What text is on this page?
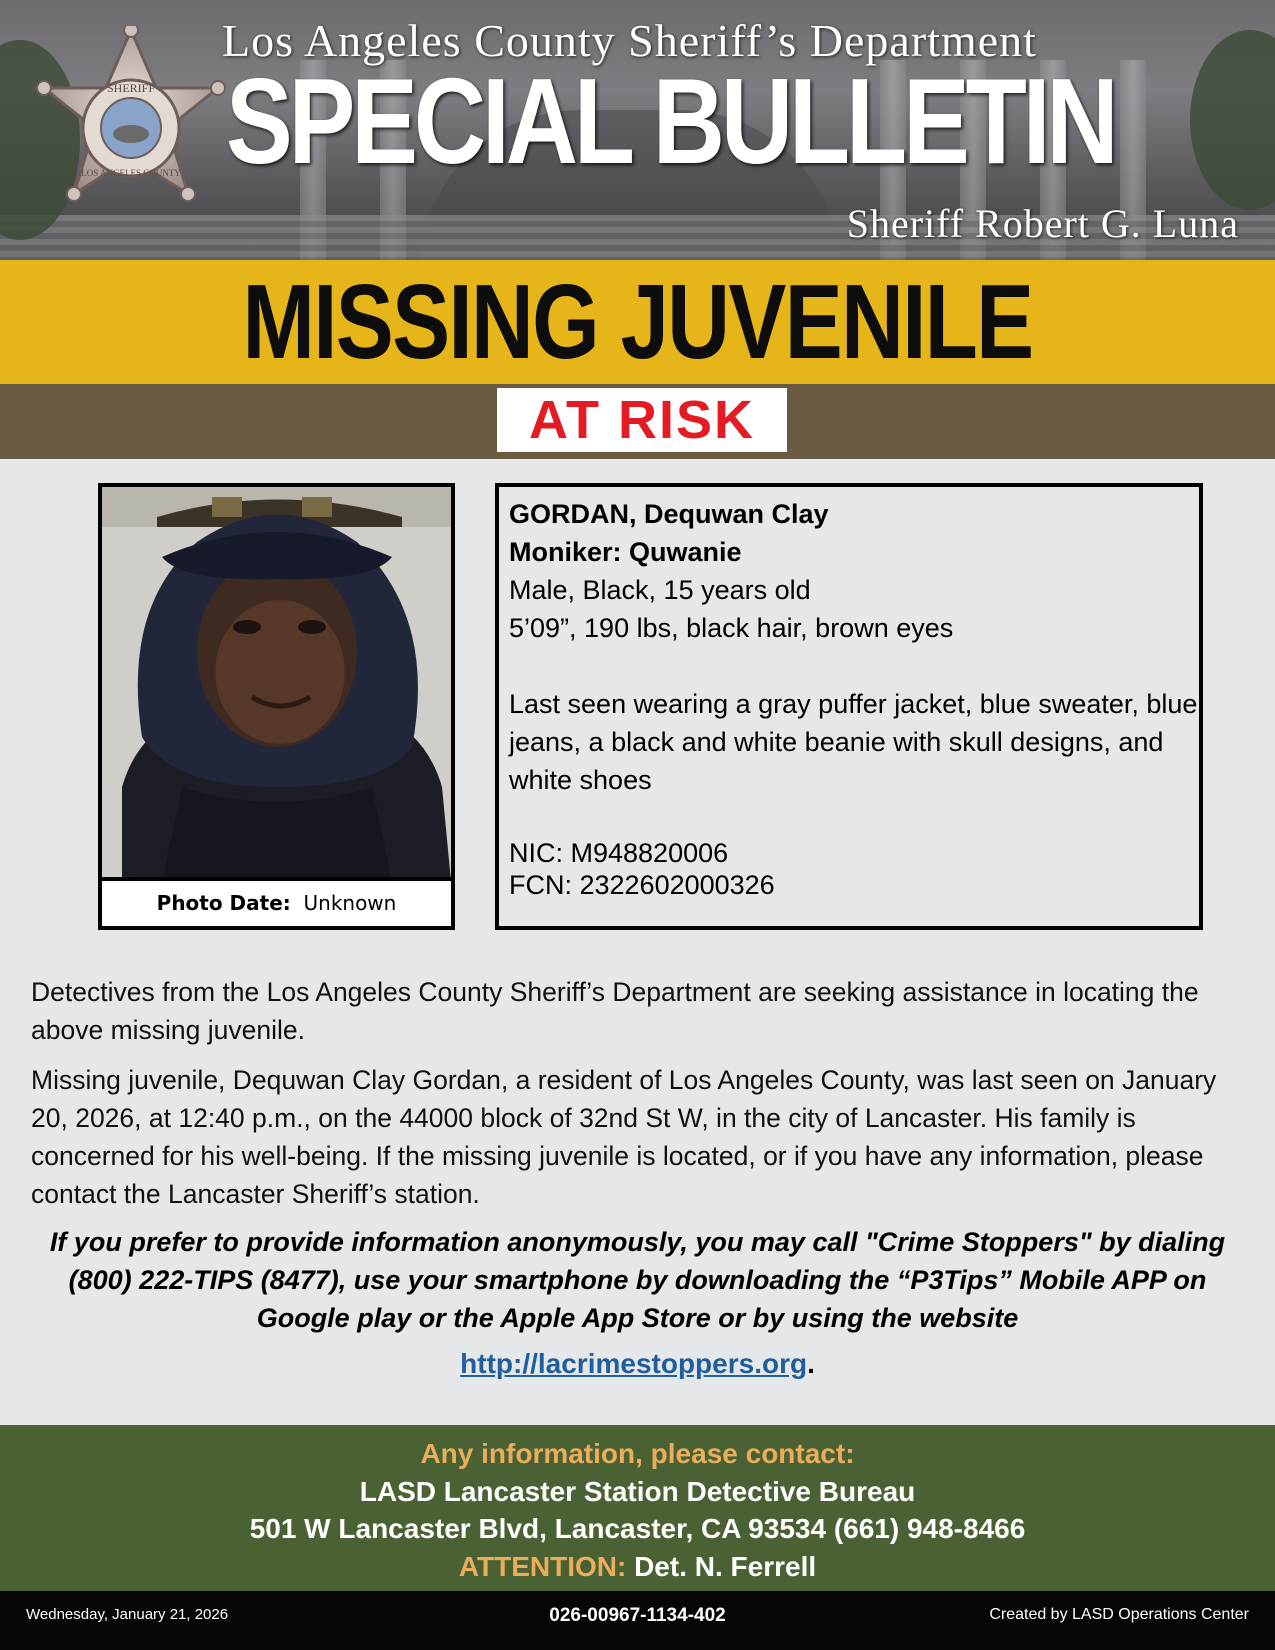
SHERIFF
LOS ANGELES COUNTY
Los Angeles County Sheriff’s Department
SPECIAL BULLETIN
Sheriff Robert G. Luna
MISSING JUVENILE
AT RISK
Photo Date: Unknown
GORDAN, Dequwan Clay
Moniker: Quwanie
Male, Black, 15 years old
5’09”, 190 lbs, black hair, brown eyes
Last seen wearing a gray puffer jacket, blue sweater, blue jeans, a black and white beanie with skull designs, and white shoes
NIC: M948820006
FCN: 2322602000326
Detectives from the Los Angeles County Sheriff’s Department are seeking assistance in locating the above missing juvenile.
Missing juvenile, Dequwan Clay Gordan, a resident of Los Angeles County, was last seen on January 20, 2026, at 12:40 p.m., on the 44000 block of 32nd St W, in the city of Lancaster. His family is concerned for his well-being. If the missing juvenile is located, or if you have any information, please contact the Lancaster Sheriff’s station.
If you prefer to provide information anonymously, you may call "Crime Stoppers" by dialing (800) 222-TIPS (8477), use your smartphone by downloading the “P3Tips” Mobile APP on Google play or the Apple App Store or by using the website
http://lacrimestoppers.org.
Any information, please contact:
LASD Lancaster Station Detective Bureau
501 W Lancaster Blvd, Lancaster, CA 93534 (661) 948-8466
ATTENTION: Det. N. Ferrell
Wednesday, January 21, 2026	026-00967-1134-402	Created by LASD Operations Center
